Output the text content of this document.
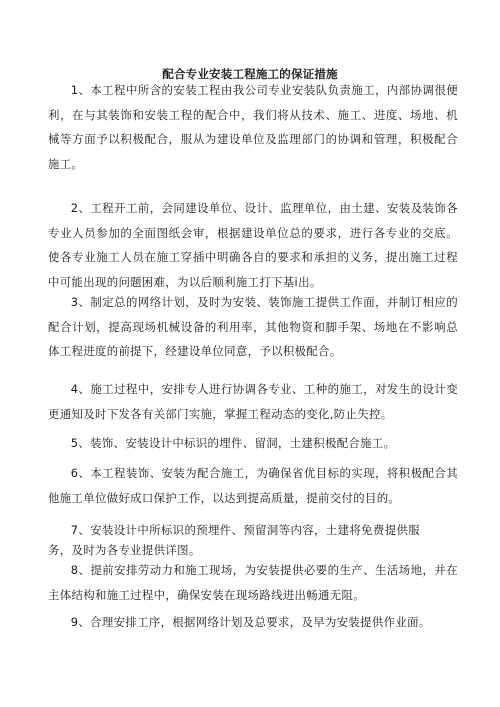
配合专业安装工程施工的保证措施

1、本工程中所含的安装工程由我公司专业安装队负责施工，内部协调很便利，在与其装饰和安装工程的配合中，我们将从技术、施工、进度、场地、机械等方面予以积极配合，服从为建设单位及监理部门的协调和管理，积极配合施工。

2、工程开工前，会同建设单位、设计、监理单位，由土建、安装及装饰各专业人员参加的全面图纸会审，根据建设单位总的要求，进行各专业的交底。使各专业施工人员在施工穿插中明确各自的要求和承担的义务，提出施工过程中可能出现的问题困难，为以后顺利施工打下基i出。

3、制定总的网络计划，及时为安装、装饰施工提供工作面，并制订相应的配合计划，提高现场机械设备的利用率，其他物资和脚手架、场地在不影响总体工程进度的前提下，经建设单位同意，予以积极配合。

4、施工过程中，安排专人进行协调各专业、工种的施工，对发生的设计变更通知及时下发各有关部门实施，掌握工程动态的变化,防止失控。

5、装饰、安装设计中标识的埋件、留洞，土建积极配合施工。

6、本工程装饰、安装为配合施工，为确保省优目标的实现，将积极配合其他施工单位做好成口保护工作，以达到提高质量，提前交付的目的。

7、安装设计中所标识的预埋件、预留洞等内容，土建将免费提供服务，及时为各专业提供详图。

8、提前安排劳动力和施工现场，为安装提供必要的生产、生活场地，并在主体结构和施工过程中，确保安装在现场路线进出畅通无阻。

9、合理安排工序，根据网络计划及总要求，及早为安装提供作业面。
